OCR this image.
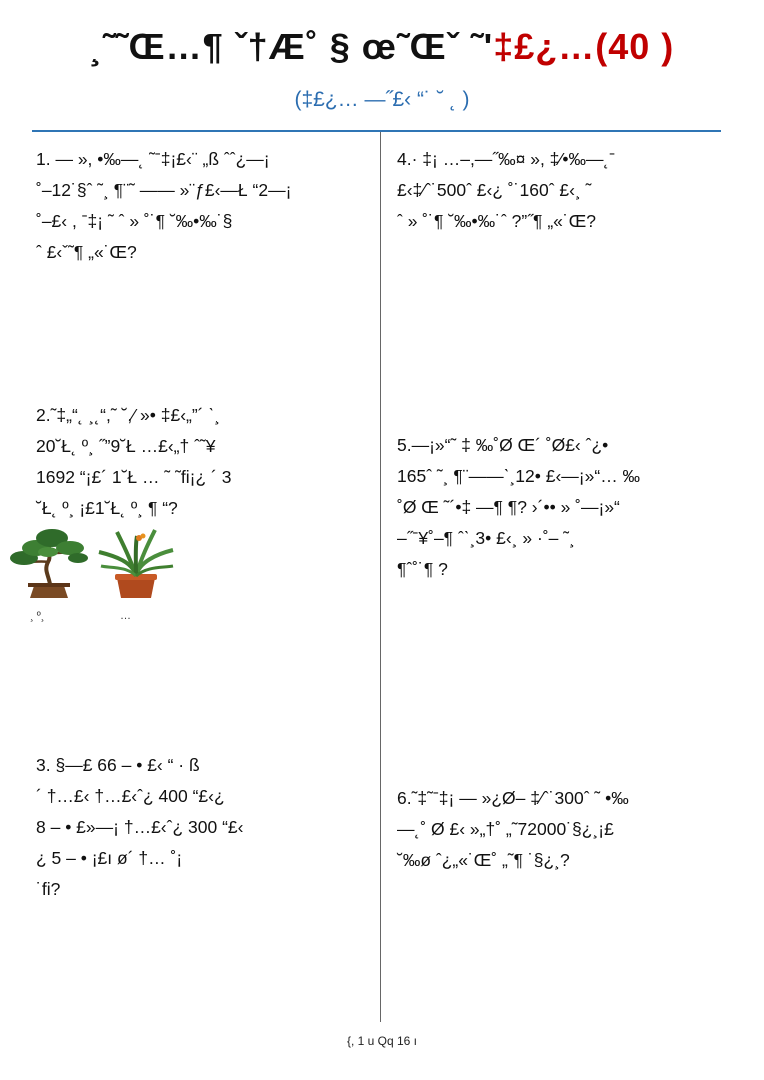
¸˜˜Œ…¶ ˇ†Æ˚ § œ˜Œˇ ˜'‡£¿…(40 )
(‡£¿… —˝£‹ “˙ ˘ ˛ )
1. — », •‰—˛ ˜ˉ‡¡£‹¨ „ß ˆˆ¿—¡
˚–12˙§ˆ ˜¸ ¶¨˜ —— »¨ƒ£‹—Ł “2—¡
˚–£‹ , ˉ‡¡ ˜ ˆ » ˚˙¶ ˘‰•‰˙§
ˆ £‹ˇ˜¶ „«˙Œ?
2.˜‡„“˛ ¸˛“,˜ ˘,⁄ »• ‡£‹„”´ ˋ¸
20˘Ł˛ º¸ ˝”9˘Ł …£‹„† ˆ˜¥
1692 “¡£´ 1˘Ł … ˜ ˜fi¡¿ ´ 3
˘Ł˛ º¸ ¡£1˘Ł˛ º¸ ¶ “?
¸ º¸	…
3. §—£ 66 – • £‹ “ · ß
´ †…£‹ †…£‹ˆ¿ 400 “£‹¿
8 – • £»—¡ †…£‹ˆ¿ 300 “£‹
¿ 5 – • ¡£ı ø´ †… ˚¡
˙fi?
4.· ‡¡ …–,—˝‰¤ », ‡⁄•‰—˛ˉ
£‹‡⁄ˆ˙500ˆ £‹¿ ˚˙160ˆ £‹¸ ˜
ˆ » ˚˙¶ ˘‰•‰˙ˆ ?”˝¶ „«˙Œ?
5.—¡»“˜ ‡ ‰˚Ø Œ´ ˚Ø£‹ ˆ¿•
165ˆ ˜¸ ¶¨——ˋ¸12• £‹—¡»“… ‰
˚Ø Œ ˜´•‡ —¶ ¶? ›´•• » ˚—¡»“
–˝ˉ¥˚–¶ ˆˋ¸3• £‹¸ » ·˚– ˜¸
¶ˆ˚˙¶ ?
6.˜‡˜ˉ‡¡ — »¿Ø– ‡⁄ˆ˙300ˆ ˜ •‰
—˛˚ Ø £‹ »„†˚ „˜72000˙§¿¸¡£
˘‰ø ˆ¿„«˙Œ˚ „˜¶ ˙§¿¸?
{, 1 u Qq 16 ı
